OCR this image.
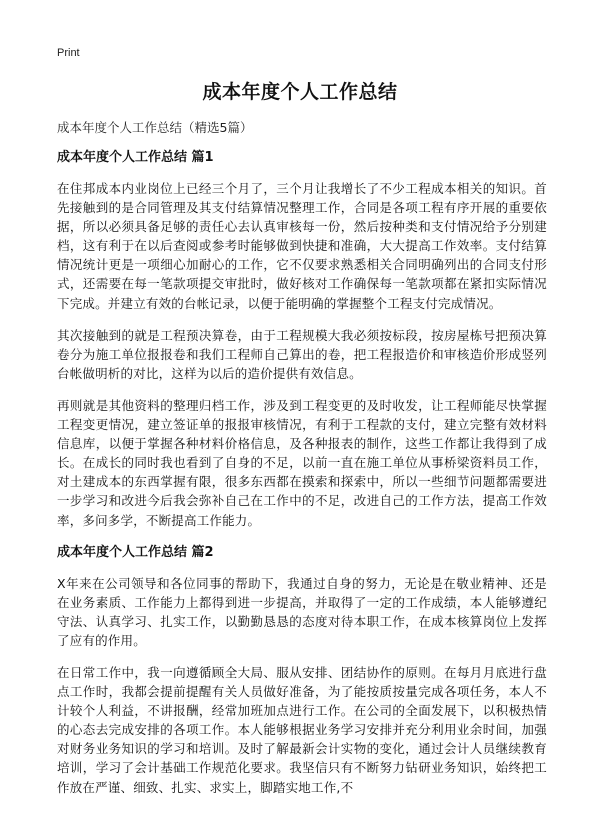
Print
成本年度个人工作总结
成本年度个人工作总结（精选5篇）
成本年度个人工作总结 篇1

在住邦成本内业岗位上已经三个月了，三个月让我增长了不少工程成本相关的知识。首先接触到的是合同管理及其支付结算情况整理工作，合同是各项工程有序开展的重要依据，所以必须具备足够的责任心去认真审核每一份，然后按种类和支付情况给予分别建档，这有利于在以后查阅或参考时能够做到快捷和准确，大大提高工作效率。支付结算情况统计更是一项细心加耐心的工作，它不仅要求熟悉相关合同明确列出的合同支付形式，还需要在每一笔款项提交审批时，做好核对工作确保每一笔款项都在紧扣实际情况下完成。并建立有效的台帐记录，以便于能明确的掌握整个工程支付完成情况。

其次接触到的就是工程预决算卷，由于工程规模大我必须按标段，按房屋栋号把预决算卷分为施工单位报报卷和我们工程师自己算出的卷，把工程报造价和审核造价形成竖列台帐做明析的对比，这样为以后的造价提供有效信息。

再则就是其他资料的整理归档工作，涉及到工程变更的及时收发，让工程师能尽快掌握工程变更情况，建立签证单的报报审核情况，有利于工程款的支付，建立完整有效材料信息库，以便于掌握各种材料价格信息，及各种报表的制作，这些工作都让我得到了成长。在成长的同时我也看到了自身的不足，以前一直在施工单位从事桥梁资料员工作，对土建成本的东西掌握有限，很多东西都在摸索和探索中，所以一些细节问题都需要进一步学习和改进今后我会弥补自己在工作中的不足，改进自己的工作方法，提高工作效率，多问多学，不断提高工作能力。

成本年度个人工作总结 篇2

X年来在公司领导和各位同事的帮助下，我通过自身的努力，无论是在敬业精神、还是在业务素质、工作能力上都得到进一步提高，并取得了一定的工作成绩，本人能够遵纪守法、认真学习、扎实工作，以勤勤恳恳的态度对待本职工作，在成本核算岗位上发挥了应有的作用。

在日常工作中，我一向遵循顾全大局、服从安排、团结协作的原则。在每月月底进行盘点工作时，我都会提前提醒有关人员做好准备，为了能按质按量完成各项任务，本人不计较个人利益，不讲报酬，经常加班加点进行工作。在公司的全面发展下，以积极热情的心态去完成安排的各项工作。本人能够根据业务学习安排并充分利用业余时间，加强对财务业务知识的学习和培训。及时了解最新会计实物的变化，通过会计人员继续教育培训，学习了会计基础工作规范化要求。我坚信只有不断努力钻研业务知识，始终把工作放在严谨、细致、扎实、求实上，脚踏实地工作,不
